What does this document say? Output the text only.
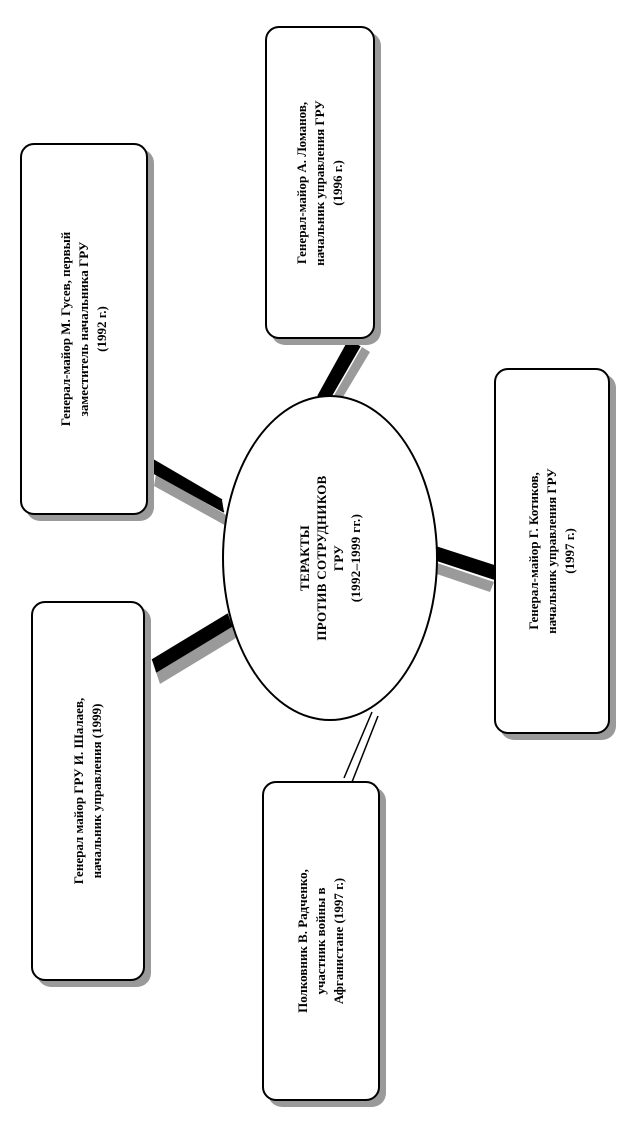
ТЕРАКТЫ ПРОТИВ СОТРУДНИКОВ ГРУ (1992–1999 гг.)
Генерал-майор М. Гусев, первый заместитель начальника ГРУ (1992 г.)
Генерал-майор А. Ломанов, начальник управления ГРУ (1996 г.)
Генерал-майор Г. Котиков, начальник управления ГРУ (1997 г.)
Генерал майор ГРУ И. Шалаев, начальник управления (1999)
Полковник В. Радченко, участник войны в Афганистане (1997 г.)
